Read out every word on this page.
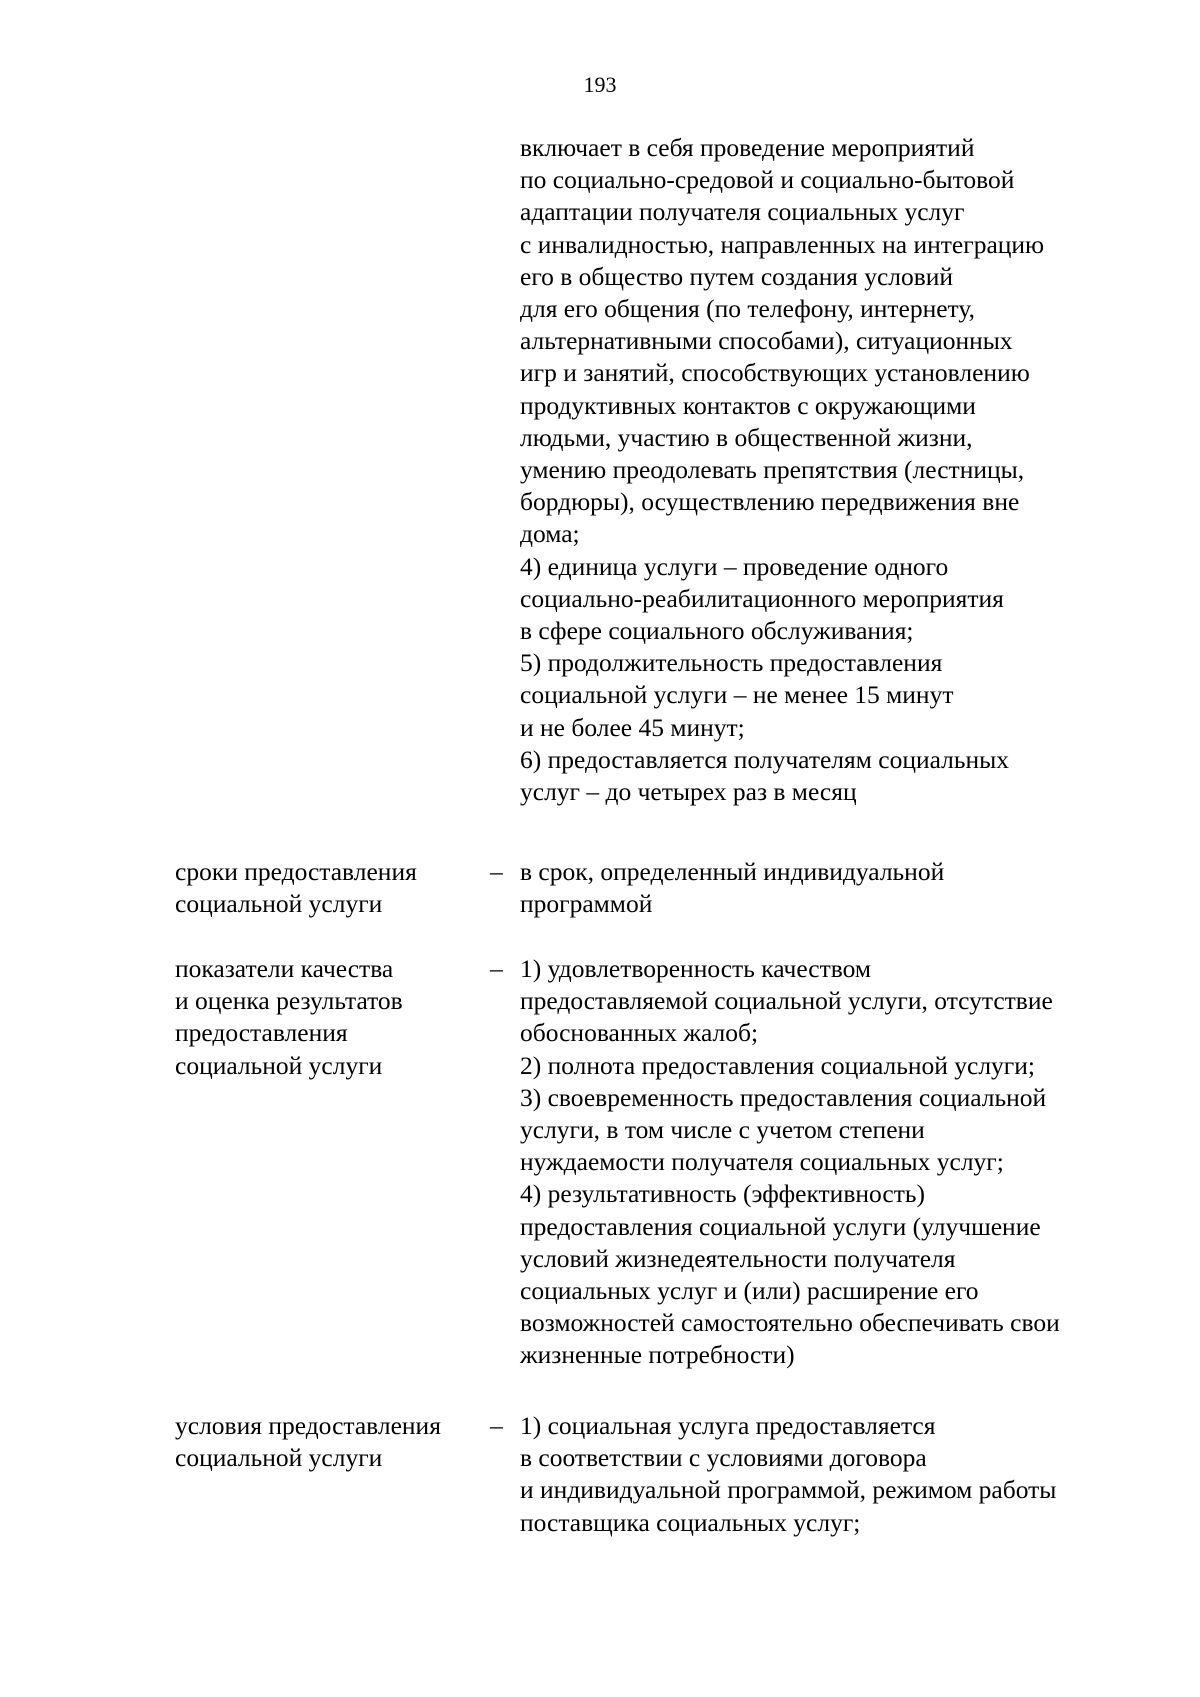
193
включает в себя проведение мероприятий
по социально-средовой и социально-бытовой
адаптации получателя социальных услуг
с инвалидностью, направленных на интеграцию
его в общество путем создания условий
для его общения (по телефону, интернету,
альтернативными способами), ситуационных
игр и занятий, способствующих установлению
продуктивных контактов с окружающими
людьми, участию в общественной жизни,
умению преодолевать препятствия (лестницы,
бордюры), осуществлению передвижения вне
дома;
4) единица услуги – проведение одного
социально-реабилитационного мероприятия
в сфере социального обслуживания;
5) продолжительность предоставления
социальной услуги – не менее 15 минут
и не более 45 минут;
6) предоставляется получателям социальных
услуг – до четырех раз в месяц
сроки предоставления
социальной услуги
– в срок, определенный индивидуальной
программой
показатели качества
и оценка результатов
предоставления
социальной услуги
– 1) удовлетворенность качеством
предоставляемой социальной услуги, отсутствие
обоснованных жалоб;
2) полнота предоставления социальной услуги;
3) своевременность предоставления социальной
услуги, в том числе с учетом степени
нуждаемости получателя социальных услуг;
4) результативность (эффективность)
предоставления социальной услуги (улучшение
условий жизнедеятельности получателя
социальных услуг и (или) расширение его
возможностей самостоятельно обеспечивать свои
жизненные потребности)
условия предоставления
социальной услуги
– 1) социальная услуга предоставляется
в соответствии с условиями договора
и индивидуальной программой, режимом работы
поставщика социальных услуг;
